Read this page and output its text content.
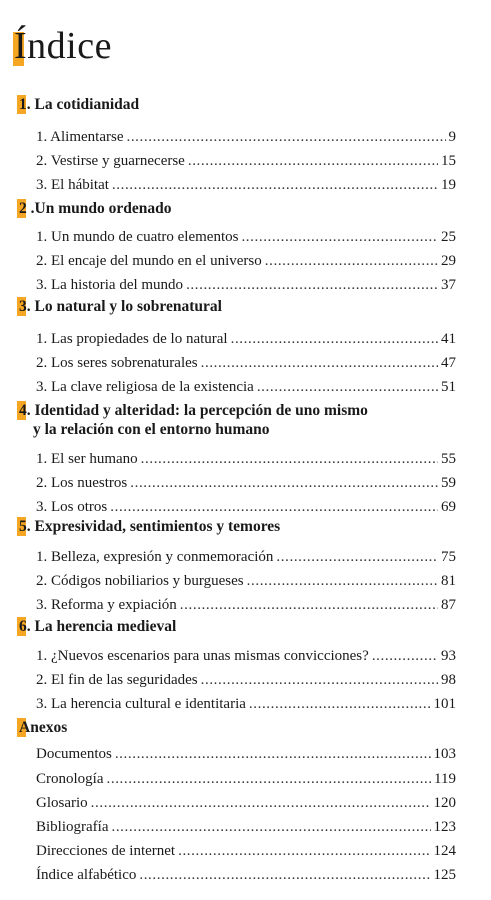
Índice
1. La cotidianidad
1. Alimentarse .....	9
2. Vestirse y guarnecerse .....	15
3. El hábitat .....	19
2 .Un mundo ordenado
1. Un mundo de cuatro elementos .....	25
2. El encaje del mundo en el universo .....	29
3. La historia del mundo .....	37
3. Lo natural y lo sobrenatural
1. Las propiedades de lo natural .....	41
2. Los seres sobrenaturales .....	47
3. La clave religiosa de la existencia .....	51
4. Identidad y alteridad: la percepción de uno mismo
y la relación con el entorno humano
1. El ser humano .....	55
2. Los nuestros .....	59
3. Los otros .....	69
5. Expresividad, sentimientos y temores
1. Belleza, expresión y conmemoración .....	75
2. Códigos nobiliarios y burgueses .....	81
3. Reforma y expiación .....	87
6. La herencia medieval
1. ¿Nuevos escenarios para unas mismas convicciones? .....	93
2. El fin de las seguridades .....	98
3. La herencia cultural e identitaria .....	101
Anexos
Documentos .....	103
Cronología .....	119
Glosario .....	120
Bibliografía .....	123
Direcciones de internet .....	124
Índice alfabético .....	125
